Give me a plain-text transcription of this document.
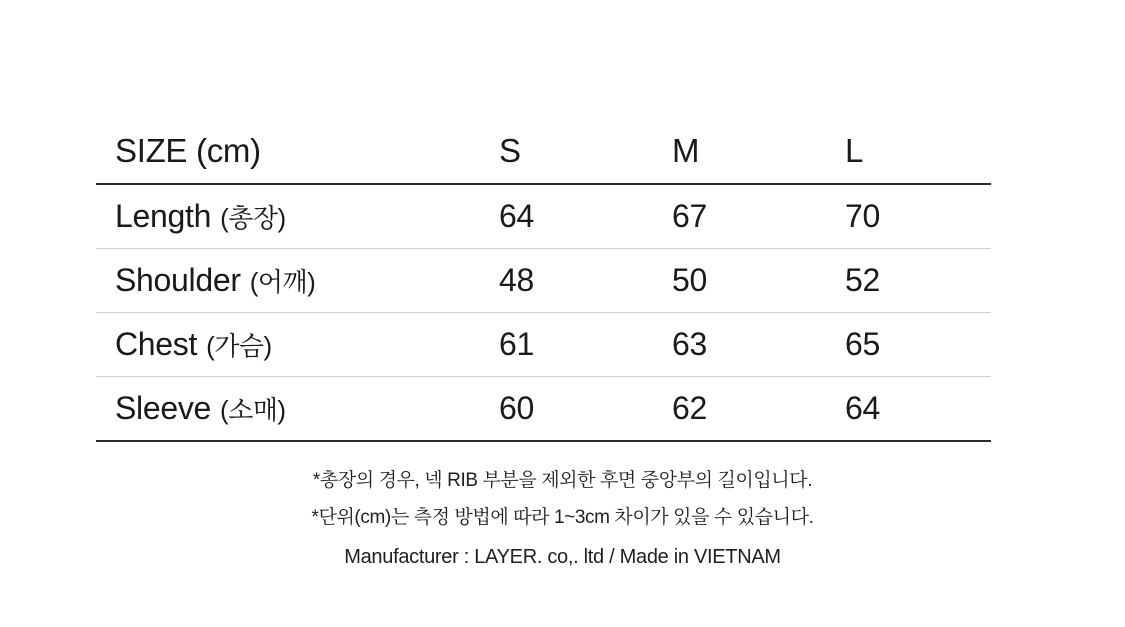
SIZE (cm)	S	M	L
Length (총장)	64	67	70
Shoulder (어깨)	48	50	52
Chest (가슴)	61	63	65
Sleeve (소매)	60	62	64
*총장의 경우, 넥 RIB 부분을 제외한 후면 중앙부의 길이입니다.
*단위(cm)는 측정 방법에 따라 1~3cm 차이가 있을 수 있습니다.
Manufacturer : LAYER. co,. ltd / Made in VIETNAM
